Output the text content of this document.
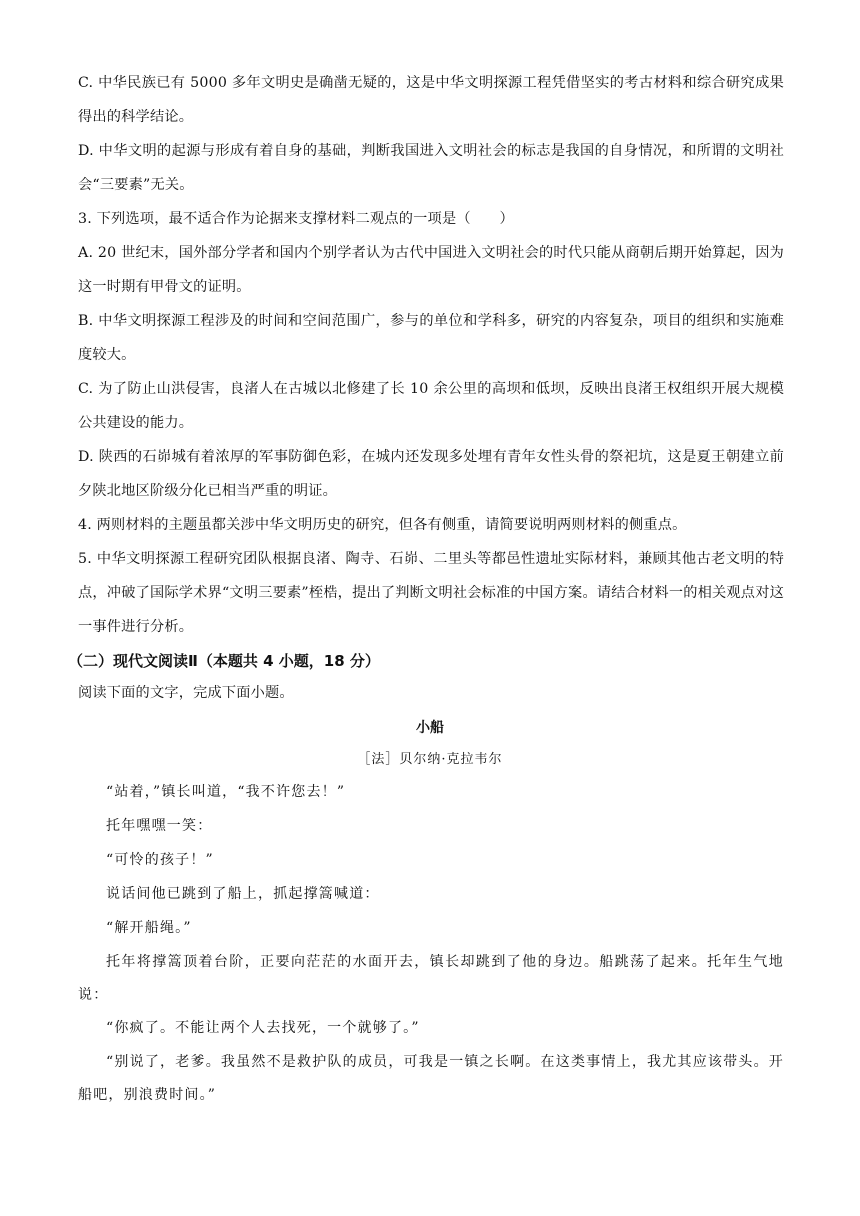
C. 中华民族已有 5000 多年文明史是确凿无疑的，这是中华文明探源工程凭借坚实的考古材料和综合研究成果得出的科学结论。

D. 中华文明的起源与形成有着自身的基础，判断我国进入文明社会的标志是我国的自身情况，和所谓的文明社会“三要素”无关。

3. 下列选项，最不适合作为论据来支撑材料二观点的一项是（　　）

A. 20 世纪末，国外部分学者和国内个别学者认为古代中国进入文明社会的时代只能从商朝后期开始算起，因为这一时期有甲骨文的证明。

B. 中华文明探源工程涉及的时间和空间范围广，参与的单位和学科多，研究的内容复杂，项目的组织和实施难度较大。

C. 为了防止山洪侵害，良渚人在古城以北修建了长 10 余公里的高坝和低坝，反映出良渚王权组织开展大规模公共建设的能力。

D. 陕西的石峁城有着浓厚的军事防御色彩，在城内还发现多处埋有青年女性头骨的祭祀坑，这是夏王朝建立前夕陕北地区阶级分化已相当严重的明证。

4. 两则材料的主题虽都关涉中华文明历史的研究，但各有侧重，请简要说明两则材料的侧重点。

5. 中华文明探源工程研究团队根据良渚、陶寺、石峁、二里头等都邑性遗址实际材料，兼顾其他古老文明的特点，冲破了国际学术界“文明三要素”桎梏，提出了判断文明社会标准的中国方案。请结合材料一的相关观点对这一事件进行分析。

（二）现代文阅读Ⅱ（本题共 4 小题，18 分）

阅读下面的文字，完成下面小题。

小船
［法］贝尔纳·克拉韦尔

“站着，”镇长叫道，“我不许您去！”

托年嘿嘿一笑：

“可怜的孩子！”

说话间他已跳到了船上，抓起撑篙喊道：

“解开船绳。”

托年将撑篙顶着台阶，正要向茫茫的水面开去，镇长却跳到了他的身边。船跳荡了起来。托年生气地说：

“你疯了。不能让两个人去找死，一个就够了。”

“别说了，老爹。我虽然不是救护队的成员，可我是一镇之长啊。在这类事情上，我尤其应该带头。开船吧，别浪费时间。”
